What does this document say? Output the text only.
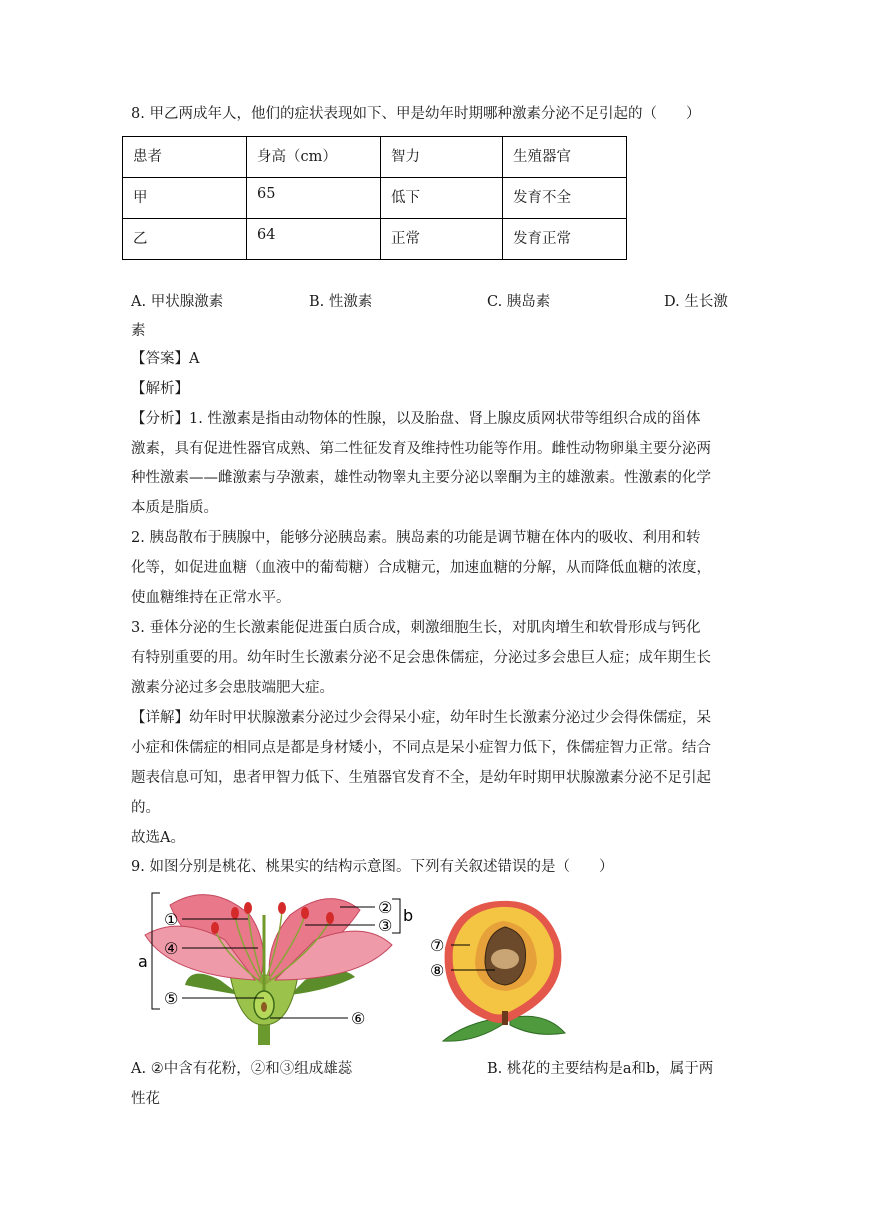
8. 甲乙两成年人，他们的症状表现如下、甲是幼年时期哪种激素分泌不足引起的（　　）
患者	身高（cm）	智力	生殖器官
甲	65	低下	发育不全
乙	64	正常	发育正常
A. 甲状腺激素	B. 性激素	C. 胰岛素	D. 生长激
素
【答案】A
【解析】
【分析】1. 性激素是指由动物体的性腺，以及胎盘、肾上腺皮质网状带等组织合成的甾体
激素，具有促进性器官成熟、第二性征发育及维持性功能等作用。雌性动物卵巢主要分泌两
种性激素——雌激素与孕激素，雄性动物睾丸主要分泌以睾酮为主的雄激素。性激素的化学
本质是脂质。
2. 胰岛散布于胰腺中，能够分泌胰岛素。胰岛素的功能是调节糖在体内的吸收、利用和转
化等，如促进血糖（血液中的葡萄糖）合成糖元，加速血糖的分解，从而降低血糖的浓度，
使血糖维持在正常水平。
3. 垂体分泌的生长激素能促进蛋白质合成，刺激细胞生长，对肌肉增生和软骨形成与钙化
有特别重要的用。幼年时生长激素分泌不足会患侏儒症，分泌过多会患巨人症；成年期生长
激素分泌过多会患肢端肥大症。
【详解】幼年时甲状腺激素分泌过少会得呆小症，幼年时生长激素分泌过少会得侏儒症，呆
小症和侏儒症的相同点是都是身材矮小，不同点是呆小症智力低下，侏儒症智力正常。结合
题表信息可知，患者甲智力低下、生殖器官发育不全，是幼年时期甲状腺激素分泌不足引起
的。
故选A。
9. 如图分别是桃花、桃果实的结构示意图。下列有关叙述错误的是（　　）
①
②
③
④
⑤
⑥
a
b
⑦
⑧
A. ②中含有花粉，②和③组成雄蕊	B. 桃花的主要结构是a和b，属于两
性花
